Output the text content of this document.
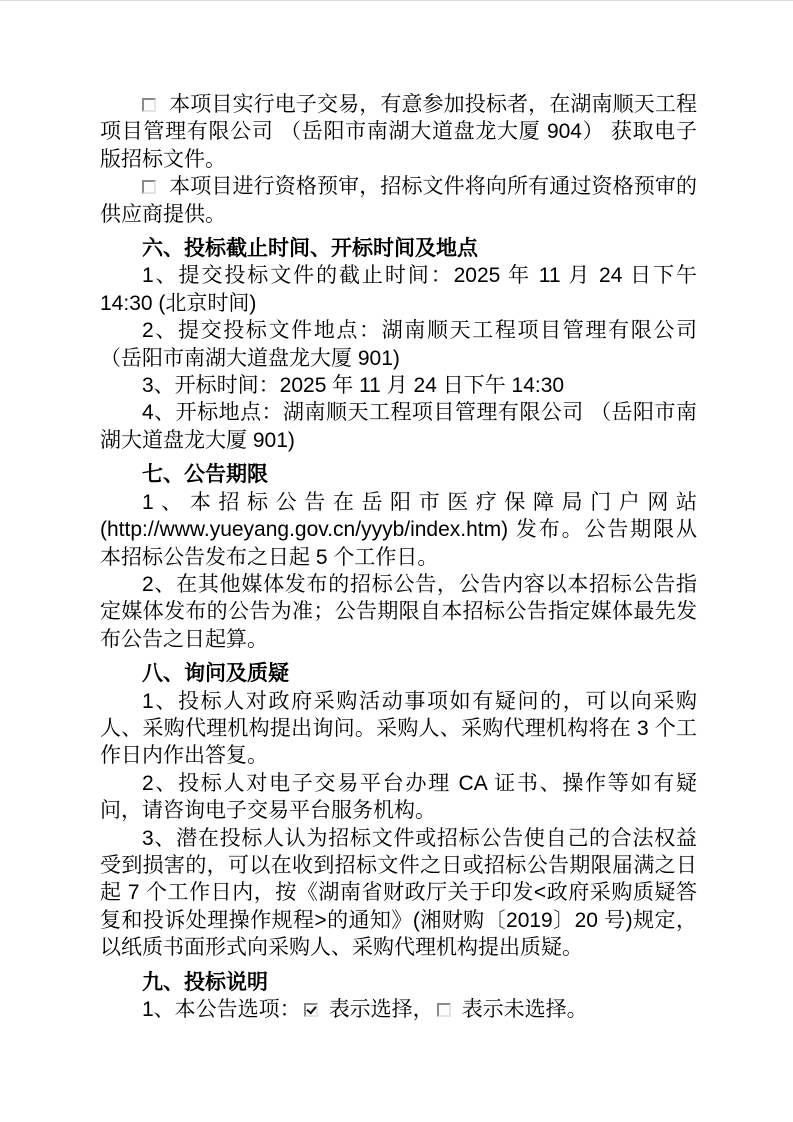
本项目实行电子交易，有意参加投标者，在湖南顺天工程项目管理有限公司 （岳阳市南湖大道盘龙大厦 904） 获取电子版招标文件。

本项目进行资格预审，招标文件将向所有通过资格预审的供应商提供。

六、投标截止时间、开标时间及地点

1、提交投标文件的截止时间：2025 年 11 月 24 日下午 14:30 (北京时间)

2、提交投标文件地点：湖南顺天工程项目管理有限公司 （岳阳市南湖大道盘龙大厦 901)

3、开标时间：2025 年 11 月 24 日下午 14:30

4、开标地点：湖南顺天工程项目管理有限公司 （岳阳市南湖大道盘龙大厦 901)

七、公告期限

1、本招标公告在岳阳市医疗保障局门户网站 (http://www.yueyang.gov.cn/yyyb/index.htm) 发布。公告期限从本招标公告发布之日起 5 个工作日。

2、在其他媒体发布的招标公告，公告内容以本招标公告指定媒体发布的公告为准；公告期限自本招标公告指定媒体最先发布公告之日起算。

八、询问及质疑

1、投标人对政府采购活动事项如有疑问的，可以向采购人、采购代理机构提出询问。采购人、采购代理机构将在 3 个工作日内作出答复。

2、投标人对电子交易平台办理 CA 证书、操作等如有疑问，请咨询电子交易平台服务机构。

3、潜在投标人认为招标文件或招标公告使自己的合法权益受到损害的，可以在收到招标文件之日或招标公告期限届满之日起 7 个工作日内，按《湖南省财政厅关于印发<政府采购质疑答复和投诉处理操作规程>的通知》(湘财购〔2019〕20 号)规定，以纸质书面形式向采购人、采购代理机构提出质疑。

九、投标说明

1、本公告选项： 表示选择， 表示未选择。
